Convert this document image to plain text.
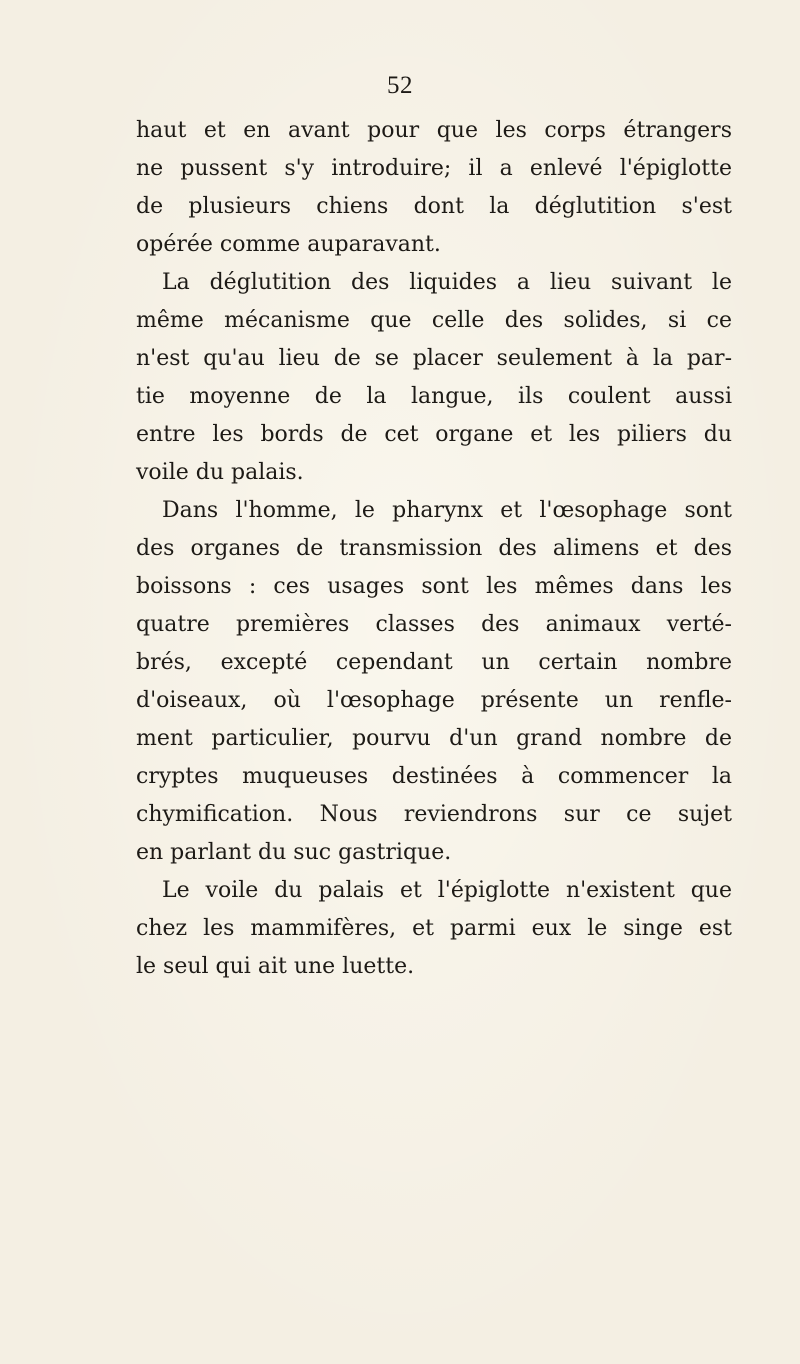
52
haut et en avant pour que les corps étrangers
ne pussent s'y introduire; il a enlevé l'épiglotte
de plusieurs chiens dont la déglutition s'est
opérée comme auparavant.
La déglutition des liquides a lieu suivant le
même mécanisme que celle des solides, si ce
n'est qu'au lieu de se placer seulement à la par-
tie moyenne de la langue, ils coulent aussi
entre les bords de cet organe et les piliers du
voile du palais.
Dans l'homme, le pharynx et l'œsophage sont
des organes de transmission des alimens et des
boissons : ces usages sont les mêmes dans les
quatre premières classes des animaux verté-
brés, excepté cependant un certain nombre
d'oiseaux, où l'œsophage présente un renfle-
ment particulier, pourvu d'un grand nombre de
cryptes muqueuses destinées à commencer la
chymification. Nous reviendrons sur ce sujet
en parlant du suc gastrique.
Le voile du palais et l'épiglotte n'existent que
chez les mammifères, et parmi eux le singe est
le seul qui ait une luette.
